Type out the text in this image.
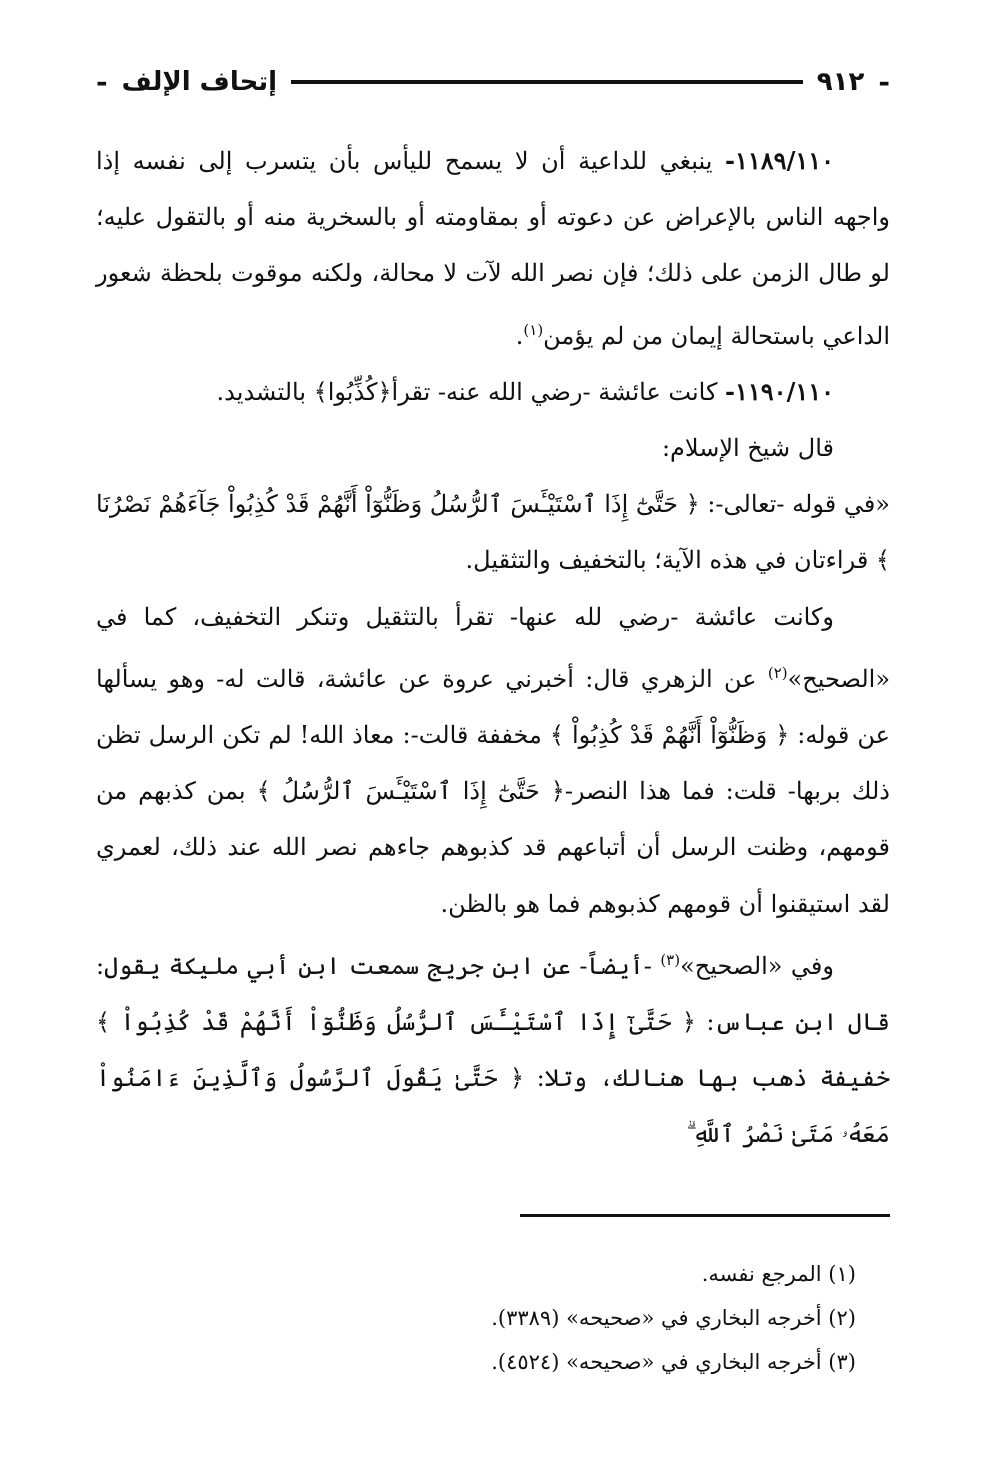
-
٩١٢
إتحاف الإلف
-

١١٨٩/١١٠- ينبغي للداعية أن لا يسمح لليأس بأن يتسرب إلى نفسه إذا واجهه الناس بالإعراض عن دعوته أو بمقاومته أو بالسخرية منه أو بالتقول عليه؛ لو طال الزمن على ذلك؛ فإن نصر الله لآت لا محالة، ولكنه موقوت بلحظة شعور الداعي باستحالة إيمان من لم يؤمن$^{(١)}$.

١١٩٠/١١٠- كانت عائشة -رضي الله عنه- تقرأ﴿كُذِّبُوا﴾ بالتشديد.

قال شيخ الإسلام:

«في قوله -تعالى-: ﴿ حَتَّىٰٓ إِذَا ٱسْتَيْـَٔسَ ٱلرُّسُلُ وَظَنُّوٓاْ أَنَّهُمْ قَدْ كُذِبُواْ جَآءَهُمْ نَصْرُنَا ﴾ قراءتان في هذه الآية؛ بالتخفيف والتثقيل.

وكانت عائشة -رضي لله عنها- تقرأ بالتثقيل وتنكر التخفيف، كما في «الصحيح»$^{(٢)}$ عن الزهري قال: أخبرني عروة عن عائشة، قالت له- وهو يسألها عن قوله: ﴿ وَظَنُّوٓاْ أَنَّهُمْ قَدْ كُذِبُواْ ﴾ مخففة قالت-: معاذ الله! لم تكن الرسل تظن ذلك بربها- قلت: فما هذا النصر-﴿ حَتَّىٰٓ إِذَا ٱسْتَيْـَٔسَ ٱلرُّسُلُ ﴾ بمن كذبهم من قومهم، وظنت الرسل أن أتباعهم قد كذبوهم جاءهم نصر الله عند ذلك، لعمري لقد استيقنوا أن قومهم كذبوهم فما هو بالظن.

وفي «الصحيح»$^{(٣)}$ -أيضاً- عن ابن جريج سمعت ابن أبي مليكة يقول: قال ابن عباس: ﴿ حَتَّىٰٓ إِذَا ٱسْتَيْـَٔسَ ٱلرُّسُلُ وَظَنُّوٓاْ أَنَّهُمْ قَدْ كُذِبُواْ ﴾ خفيفة ذهب بها هنالك، وتلا: ﴿ حَتَّىٰ يَقُولَ ٱلرَّسُولُ وَٱلَّذِينَ ءَامَنُواْ مَعَهُۥ مَتَىٰ نَصْرُ ٱللَّهِ ۗ

(١) المرجع نفسه.

(٢) أخرجه البخاري في «صحيحه» (٣٣٨٩).

(٣) أخرجه البخاري في «صحيحه» (٤٥٢٤).
